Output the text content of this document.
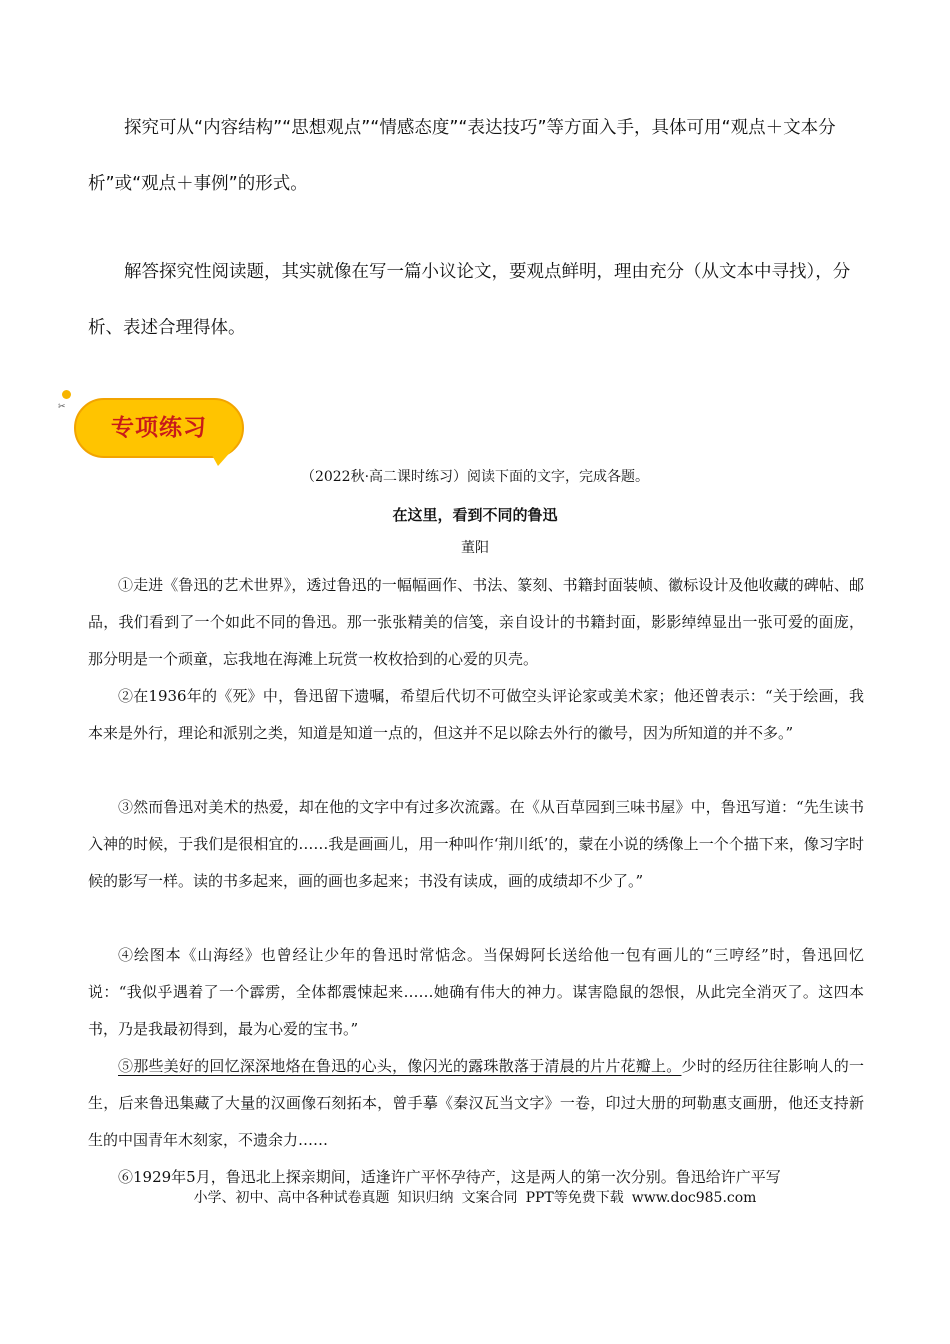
探究可从“内容结构”“思想观点”“情感态度”“表达技巧”等方面入手，具体可用“观点＋文本分析”或“观点＋事例”的形式。

解答探究性阅读题，其实就像在写一篇小议论文，要观点鲜明，理由充分（从文本中寻找），分析、表述合理得体。

✂
专项练习
（2022秋·高二课时练习）阅读下面的文字，完成各题。
在这里，看到不同的鲁迅
董阳

①走进《鲁迅的艺术世界》，透过鲁迅的一幅幅画作、书法、篆刻、书籍封面装帧、徽标设计及他收藏的碑帖、邮品，我们看到了一个如此不同的鲁迅。那一张张精美的信笺，亲自设计的书籍封面，影影绰绰显出一张可爱的面庞，那分明是一个顽童，忘我地在海滩上玩赏一枚枚拾到的心爱的贝壳。

②在1936年的《死》中，鲁迅留下遗嘱，希望后代切不可做空头评论家或美术家；他还曾表示：“关于绘画，我本来是外行，理论和派别之类，知道是知道一点的，但这并不足以除去外行的徽号，因为所知道的并不多。”

③然而鲁迅对美术的热爱，却在他的文字中有过多次流露。在《从百草园到三味书屋》中，鲁迅写道：“先生读书入神的时候，于我们是很相宜的……我是画画儿，用一种叫作‘荆川纸’的，蒙在小说的绣像上一个个描下来，像习字时候的影写一样。读的书多起来，画的画也多起来；书没有读成，画的成绩却不少了。”

④绘图本《山海经》也曾经让少年的鲁迅时常惦念。当保姆阿长送给他一包有画儿的“三哼经”时，鲁迅回忆说：“我似乎遇着了一个霹雳，全体都震悚起来……她确有伟大的神力。谋害隐鼠的怨恨，从此完全消灭了。这四本书，乃是我最初得到，最为心爱的宝书。”

⑤那些美好的回忆深深地烙在鲁迅的心头，像闪光的露珠散落于清晨的片片花瓣上。少时的经历往往影响人的一生，后来鲁迅集藏了大量的汉画像石刻拓本，曾手摹《秦汉瓦当文字》一卷，印过大册的珂勒惠支画册，他还支持新生的中国青年木刻家，不遗余力……

⑥1929年5月，鲁迅北上探亲期间，适逢许广平怀孕待产，这是两人的第一次分别。鲁迅给许广平写

小学、初中、高中各种试卷真题 知识归纳 文案合同 PPT等免费下载 www.doc985.com
